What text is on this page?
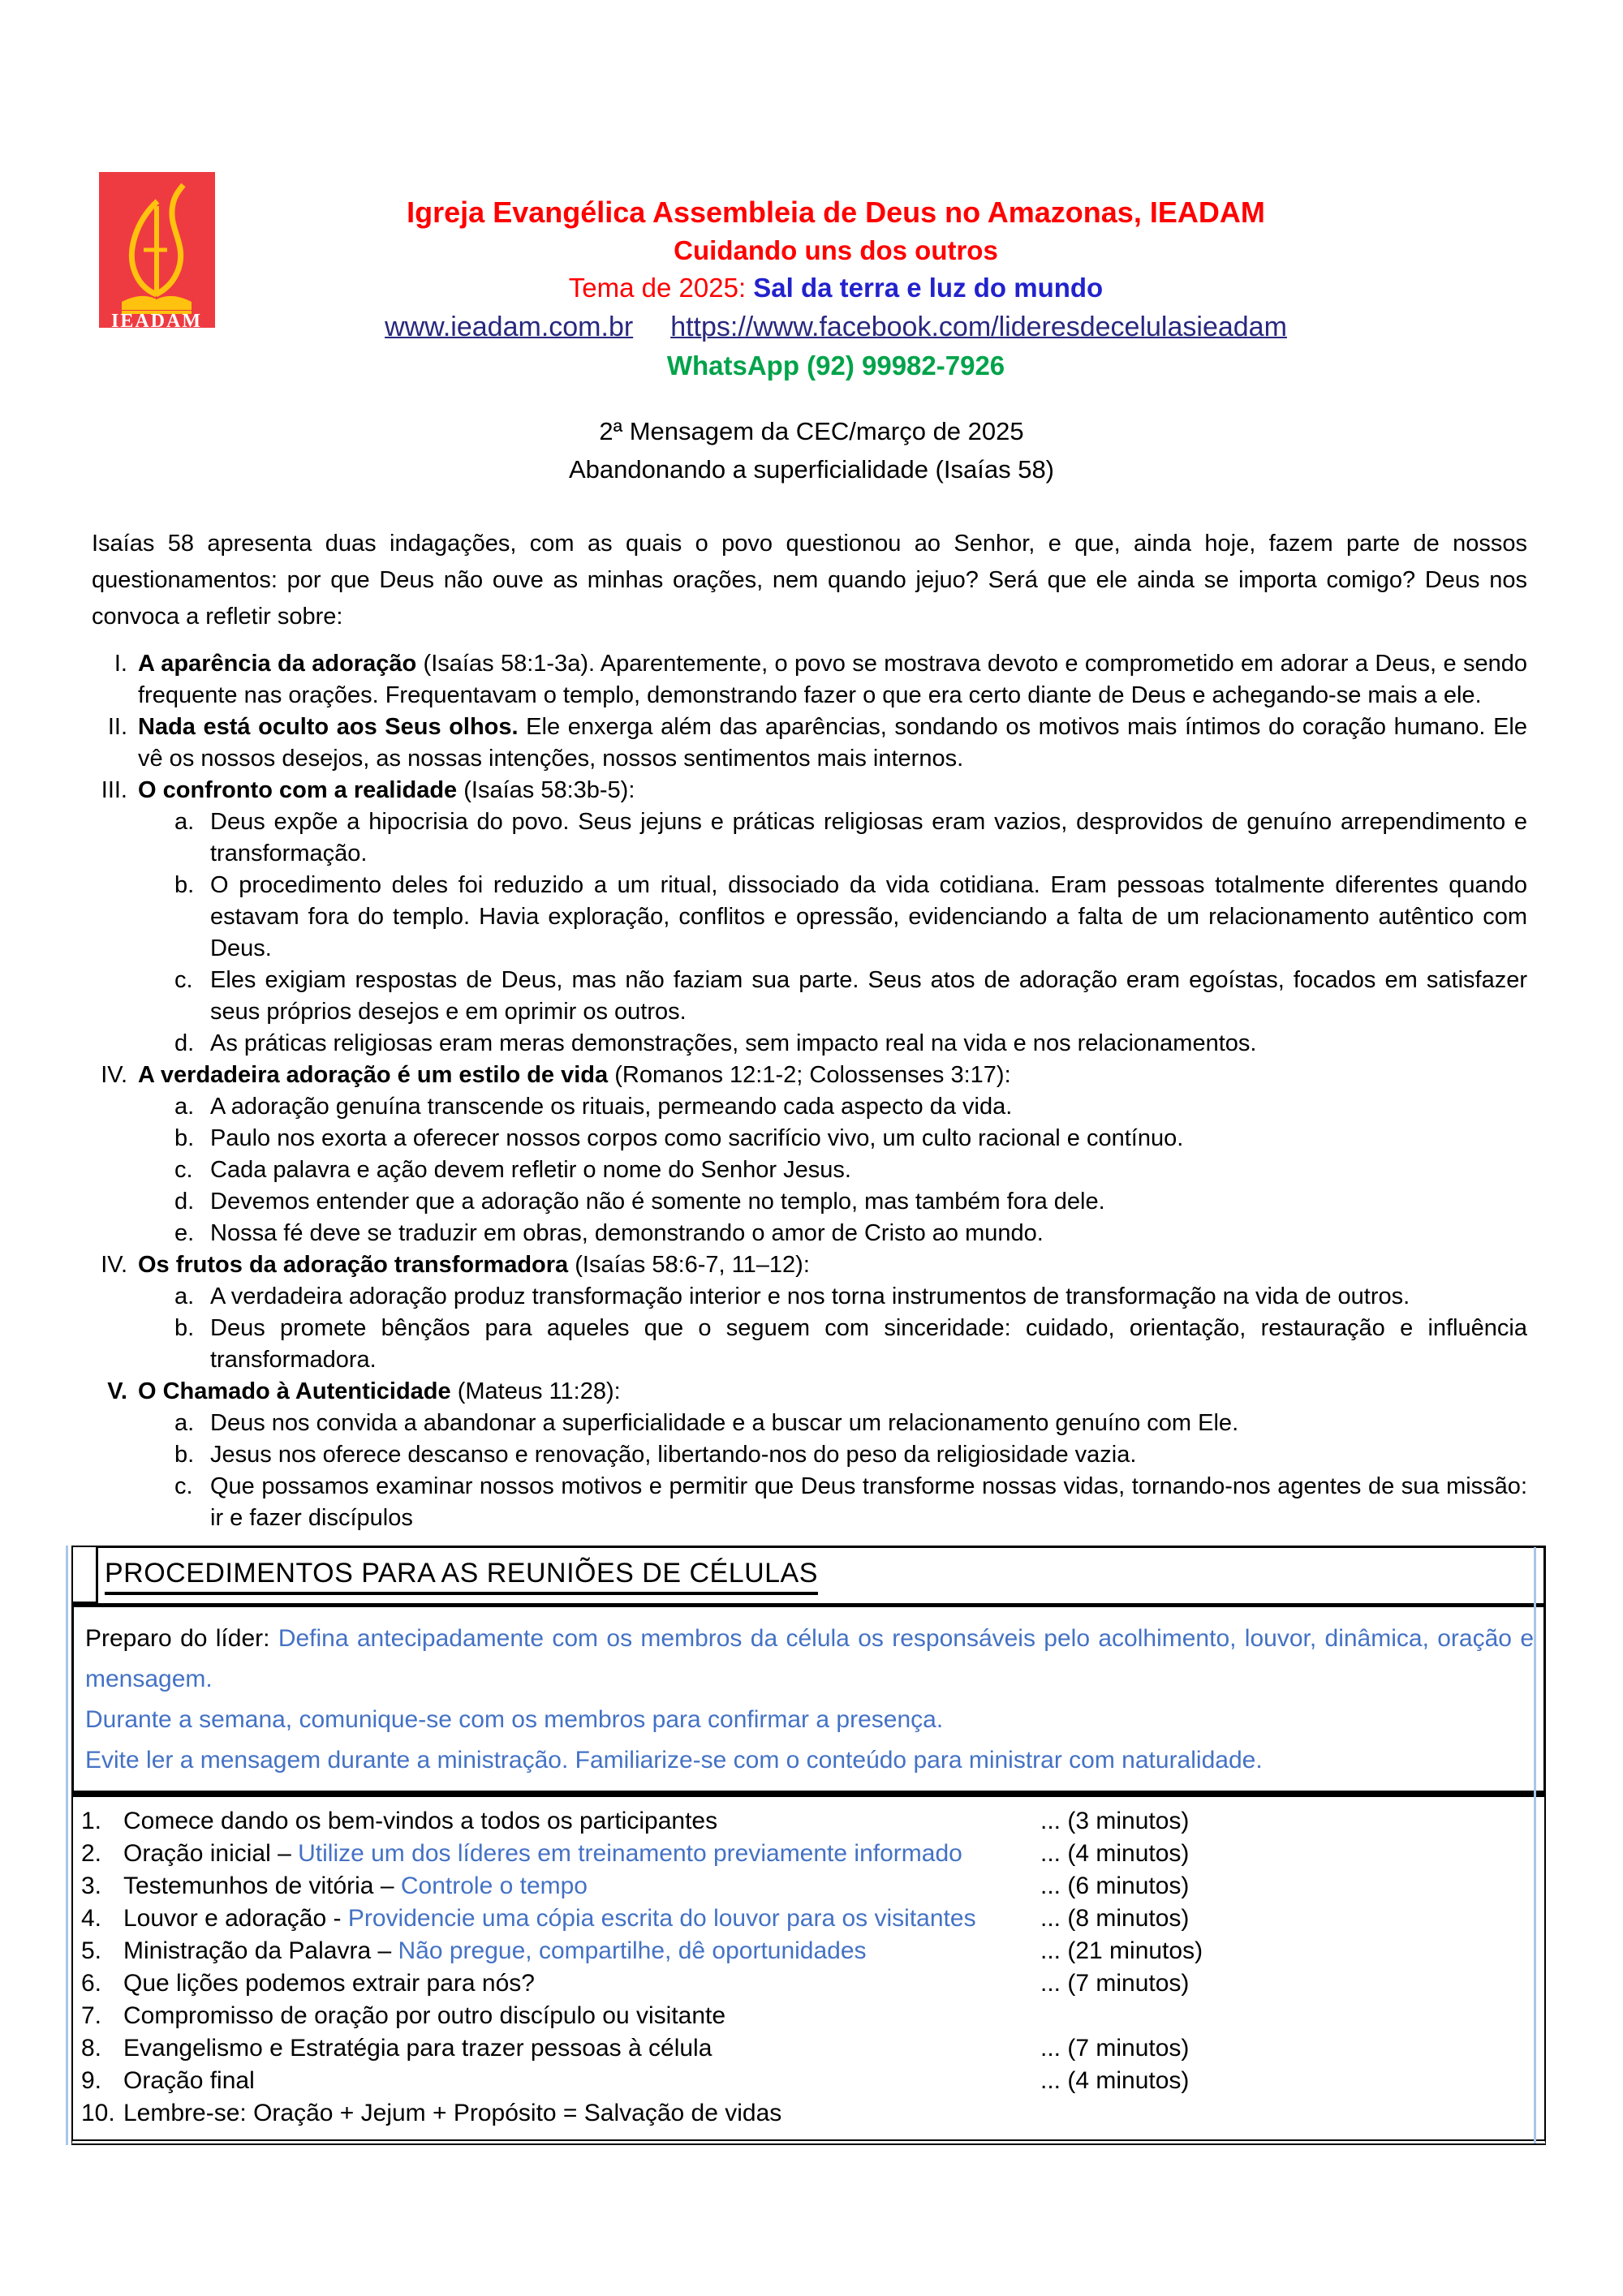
IEADAM
Igreja Evangélica Assembleia de Deus no Amazonas, IEADAM
Cuidando uns dos outros
Tema de 2025: Sal da terra e luz do mundo
www.ieadam.com.br https://www.facebook.com/lideresdecelulasieadam
WhatsApp (92) 99982-7926
2ª Mensagem da CEC/março de 2025
Abandonando a superficialidade (Isaías 58)

Isaías 58 apresenta duas indagações, com as quais o povo questionou ao Senhor, e que, ainda hoje, fazem parte de nossos questionamentos: por que Deus não ouve as minhas orações, nem quando jejuo? Será que ele ainda se importa comigo? Deus nos convoca a refletir sobre:

I. A aparência da adoração (Isaías 58:1-3a). Aparentemente, o povo se mostrava devoto e comprometido em adorar a Deus, e sendo frequente nas orações. Frequentavam o templo, demonstrando fazer o que era certo diante de Deus e achegando-se mais a ele.
II. Nada está oculto aos Seus olhos. Ele enxerga além das aparências, sondando os motivos mais íntimos do coração humano. Ele vê os nossos desejos, as nossas intenções, nossos sentimentos mais internos.
III. O confronto com a realidade (Isaías 58:3b-5):
a. Deus expõe a hipocrisia do povo. Seus jejuns e práticas religiosas eram vazios, desprovidos de genuíno arrependimento e transformação.
b. O procedimento deles foi reduzido a um ritual, dissociado da vida cotidiana. Eram pessoas totalmente diferentes quando estavam fora do templo. Havia exploração, conflitos e opressão, evidenciando a falta de um relacionamento autêntico com Deus.
c. Eles exigiam respostas de Deus, mas não faziam sua parte. Seus atos de adoração eram egoístas, focados em satisfazer seus próprios desejos e em oprimir os outros.
d. As práticas religiosas eram meras demonstrações, sem impacto real na vida e nos relacionamentos.
IV. A verdadeira adoração é um estilo de vida (Romanos 12:1-2; Colossenses 3:17):
a. A adoração genuína transcende os rituais, permeando cada aspecto da vida.
b. Paulo nos exorta a oferecer nossos corpos como sacrifício vivo, um culto racional e contínuo.
c. Cada palavra e ação devem refletir o nome do Senhor Jesus.
d. Devemos entender que a adoração não é somente no templo, mas também fora dele.
e. Nossa fé deve se traduzir em obras, demonstrando o amor de Cristo ao mundo.
IV. Os frutos da adoração transformadora (Isaías 58:6-7, 11–12):
a. A verdadeira adoração produz transformação interior e nos torna instrumentos de transformação na vida de outros.
b. Deus promete bênçãos para aqueles que o seguem com sinceridade: cuidado, orientação, restauração e influência transformadora.
V. O Chamado à Autenticidade (Mateus 11:28):
a. Deus nos convida a abandonar a superficialidade e a buscar um relacionamento genuíno com Ele.
b. Jesus nos oferece descanso e renovação, libertando-nos do peso da religiosidade vazia.
c. Que possamos examinar nossos motivos e permitir que Deus transforme nossas vidas, tornando-nos agentes de sua missão: ir e fazer discípulos
PROCEDIMENTOS PARA AS REUNIÕES DE CÉLULAS

Preparo do líder: Defina antecipadamente com os membros da célula os responsáveis pelo acolhimento, louvor, dinâmica, oração e mensagem.

Durante a semana, comunique-se com os membros para confirmar a presença.

Evite ler a mensagem durante a ministração. Familiarize-se com o conteúdo para ministrar com naturalidade.

1. Comece dando os bem-vindos a todos os participantes	... (3 minutos)
2. Oração inicial – Utilize um dos líderes em treinamento previamente informado	... (4 minutos)
3. Testemunhos de vitória – Controle o tempo	... (6 minutos)
4. Louvor e adoração - Providencie uma cópia escrita do louvor para os visitantes	... (8 minutos)
5. Ministração da Palavra – Não pregue, compartilhe, dê oportunidades	... (21 minutos)
6. Que lições podemos extrair para nós?	... (7 minutos)
7. Compromisso de oração por outro discípulo ou visitante
8. Evangelismo e Estratégia para trazer pessoas à célula	... (7 minutos)
9. Oração final	... (4 minutos)
10. Lembre-se: Oração + Jejum + Propósito = Salvação de vidas
